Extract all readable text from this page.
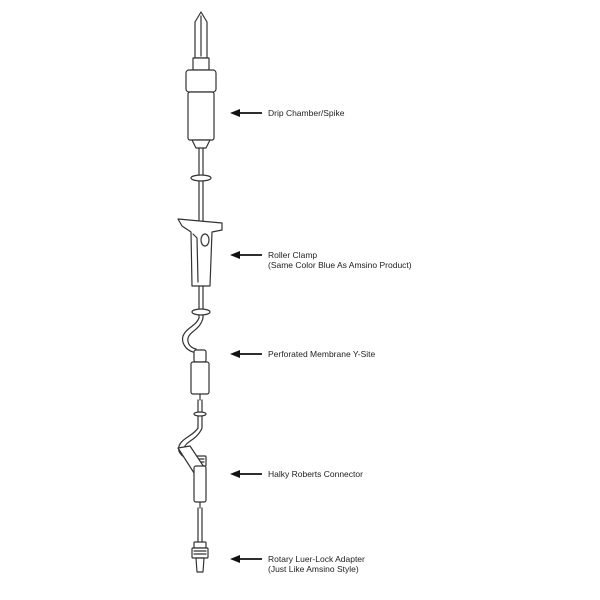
Drip Chamber/Spike
Roller Clamp
(Same Color Blue As Amsino Product)
Perforated Membrane Y-Site
Halky Roberts Connector
Rotary Luer-Lock Adapter
(Just Like Amsino Style)
